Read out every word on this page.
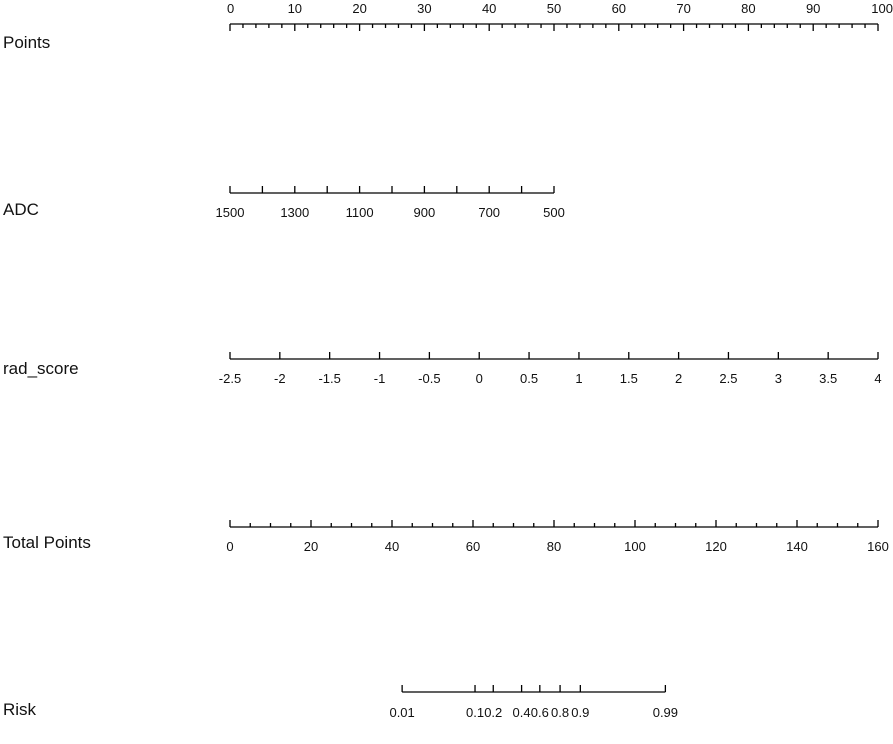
Points
0	10	20	30	40	50	60	70	80	90	100
ADC	1500	1300	1100	900	700	500
rad_score
-2.5	-2	-1.5	-1	-0.5	0	0.5	1	1.5	2	2.5	3	3.5	4
Total Points	0	20	40	60	80	100	120	140	160
Risk	0.01	0.1 0.2 0.4 0.6 0.8 0.9	0.99
